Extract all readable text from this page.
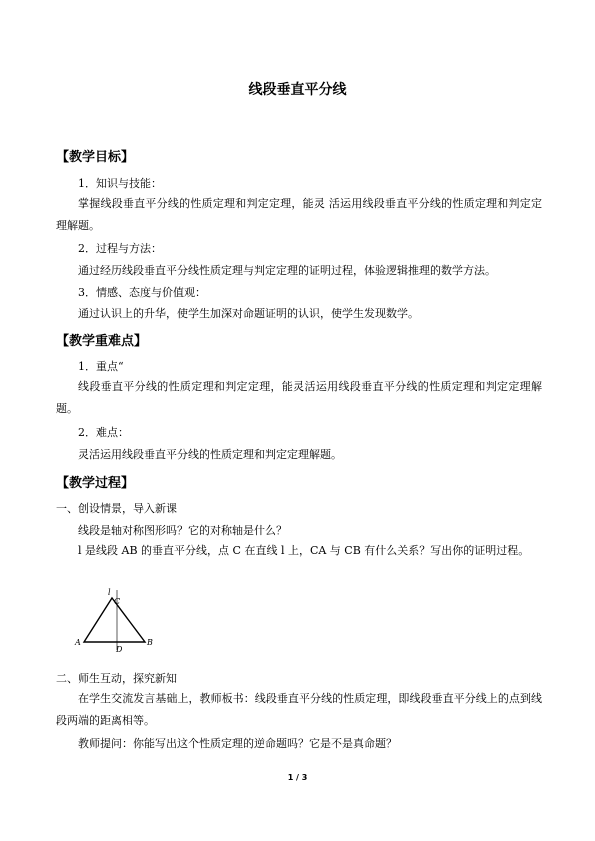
线段垂直平分线
【教学目标】
1．知识与技能：
掌握线段垂直平分线的性质定理和判定定理，能灵 活运用线段垂直平分线的性质定理和判定定理解题。
2．过程与方法：
通过经历线段垂直平分线性质定理与判定定理的证明过程，体验逻辑推理的数学方法。
3．情感、态度与价值观：
通过认识上的升华，使学生加深对命题证明的认识，使学生发现数学。
【教学重难点】
1．重点“
线段垂直平分线的性质定理和判定定理，能灵活运用线段垂直平分线的性质定理和判定定理解题。
2．难点：
灵活运用线段垂直平分线的性质定理和判定定理解题。
【教学过程】
一、创设情景，导入新课
线段是轴对称图形吗？它的对称轴是什么？
l 是线段 AB 的垂直平分线，点 C 在直线 l 上，CA 与 CB 有什么关系？写出你的证明过程。
l
C
A	B
D
二、师生互动，探究新知
在学生交流发言基础上，教师板书：线段垂直平分线的性质定理，即线段垂直平分线上的点到线段两端的距离相等。
教师提问：你能写出这个性质定理的逆命题吗？它是不是真命题？
1 / 3
